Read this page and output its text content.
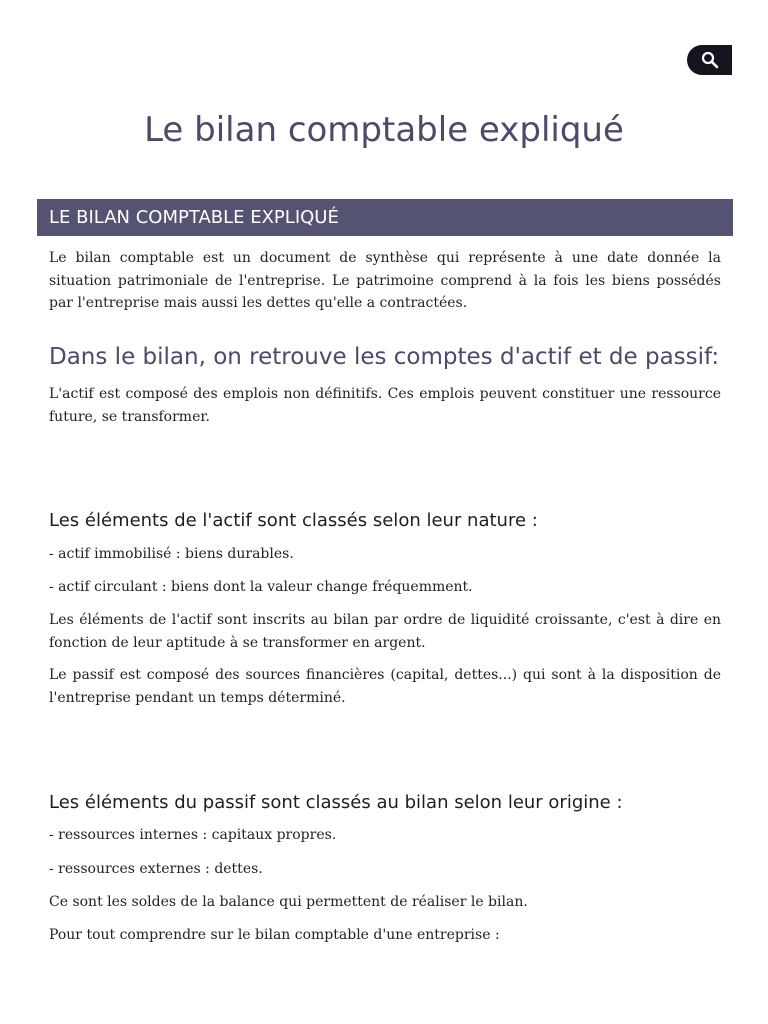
Le bilan comptable expliqué
LE BILAN COMPTABLE EXPLIQUÉ

Le bilan comptable est un document de synthèse qui représente à une date donnée la situation patrimoniale de l'entreprise. Le patrimoine comprend à la fois les biens possédés par l'entreprise mais aussi les dettes qu'elle a contractées.

Dans le bilan, on retrouve les comptes d'actif et de passif:

L'actif est composé des emplois non définitifs. Ces emplois peuvent constituer une ressource future, se transformer.

Les éléments de l'actif sont classés selon leur nature :

- actif immobilisé : biens durables.

- actif circulant : biens dont la valeur change fréquemment.

Les éléments de l'actif sont inscrits au bilan par ordre de liquidité croissante, c'est à dire en fonction de leur aptitude à se transformer en argent.

Le passif est composé des sources financières (capital, dettes...) qui sont à la disposition de l'entreprise pendant un temps déterminé.

Les éléments du passif sont classés au bilan selon leur origine :

- ressources internes : capitaux propres.

- ressources externes : dettes.

Ce sont les soldes de la balance qui permettent de réaliser le bilan.

Pour tout comprendre sur le bilan comptable d'une entreprise :
